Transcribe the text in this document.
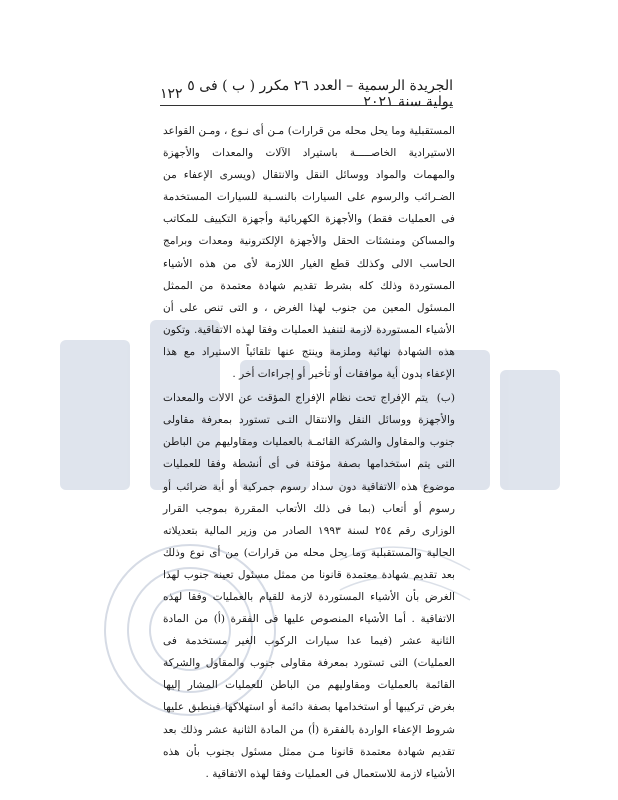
الجريدة الرسمية – العدد ٢٦ مكرر ( ب ) فى ٥ يولية سنة ٢٠٢١
١٢٢

المستقبلية وما يحل محله من قرارات) مـن أى نـوع ، ومـن القواعد الاستيرادية الخاصـــــة باستيراد الآلات والمعدات والأجهزة والمهمات والمواد ووسائل النقل والانتقال (ويسرى الإعفاء من الضـرائب والرسوم على السيارات بالنسـبة للسيارات المستخدمة فى العمليات فقط) والأجهزة الكهربائية وأجهزة التكييف للمكاتب والمساكن ومنشئات الحقل والأجهزة الإلكترونية ومعدات وبرامج الحاسب الالى وكذلك قطع الغيار اللازمة لأى من هذه الأشياء المستوردة وذلك كله بشرط تقديم شهادة معتمدة من الممثل المسئول المعين من جنوب لهذا الغرض ، و التى تنص على أن الأشياء المستوردة لازمة لتنفيذ العمليات وفقا لهذه الاتفاقية. وتكون هذه الشهادة نهائية وملزمة وينتج عنها تلقائياً الاستيراد مع هذا الإعفاء بدون أية موافقات أو تأخير أو إجراءات أخر .

(ب) يتم الإفراج تحت نظام الإفراج المؤقت عن الالات والمعدات والأجهزة ووسائل النقل والانتقال التـى تستورد بمعرفة مقاولى جنوب والمقاول والشركة القائمـة بالعمليات ومقاوليهم من الباطن التى يتم استخدامها بصفة مؤقتة فى أى أنشطة وفقا للعمليات موضوع هذه الاتفاقية دون سداد رسوم جمركية أو أية ضرائب أو رسوم أو أتعاب (بما فى ذلك الأتعاب المقررة بموجب القرار الوزارى رقم ٢٥٤ لسنة ١٩٩٣ الصادر من وزير المالية بتعديلاته الحالية والمستقبلية وما يحل محله من قرارات) من أى نوع وذلك بعد تقديم شهادة معتمدة قانونا من ممثل مسئول تعينه جنوب لهذا الغرض بأن الأشياء المستوردة لازمة للقيام بالعمليات وفقا لهذه الاتفاقية . أما الأشياء المنصوص عليها فى الفقرة (أ) من المادة الثانية عشر (فيما عدا سيارات الركوب الغير مستخدمة فى العمليات) التى تستورد بمعرفة مقاولى جنوب والمقاول والشركة القائمة بالعمليات ومقاوليهم من الباطن للعمليات المشار إليها بغرض تركيبها أو استخدامها بصفة دائمة أو استهلاكها فينطبق عليها شروط الإعفاء الواردة بالفقرة (أ) من المادة الثانية عشر وذلك بعد تقديم شهادة معتمدة قانونا مـن ممثل مسئول بجنوب بأن هذه الأشياء لازمة للاستعمال فى العمليات وفقا لهذه الاتفاقية .
